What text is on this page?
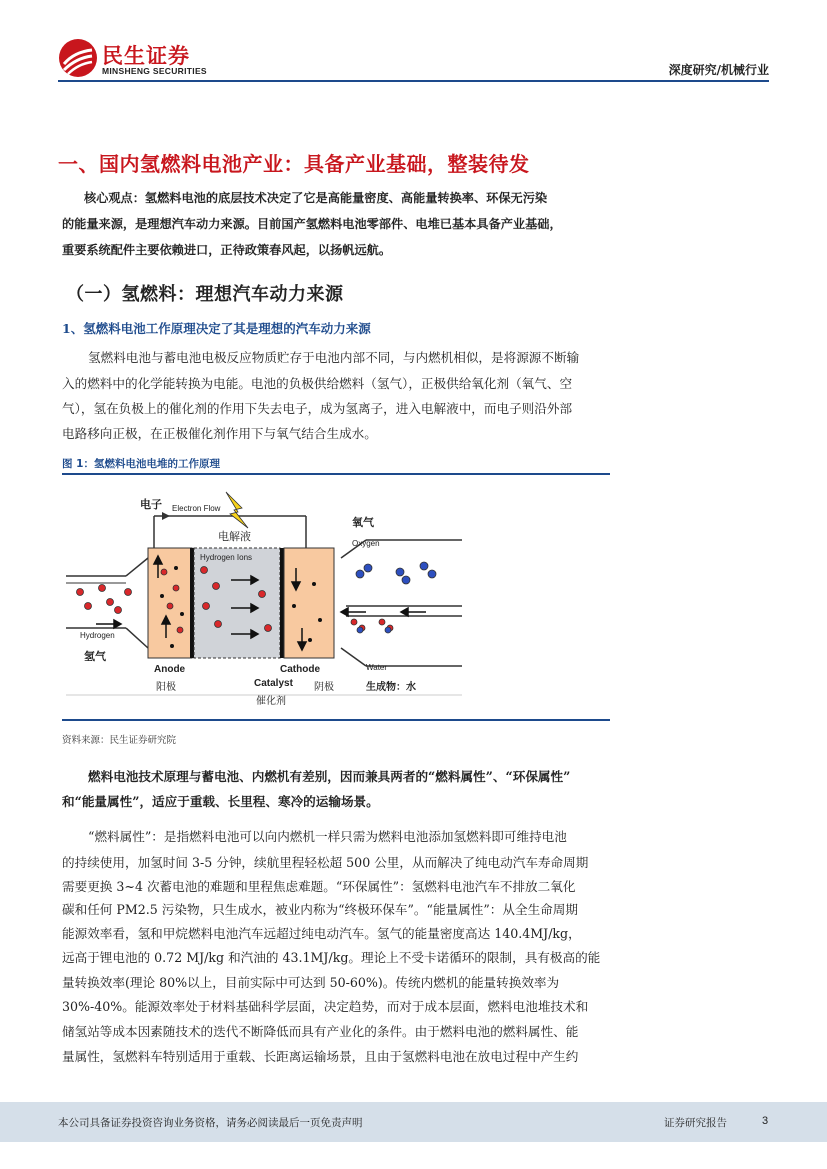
民生证券
MINSHENG SECURITIES	深度研究/机械行业
一、国内氢燃料电池产业：具备产业基础，整装待发
核心观点：氢燃料电池的底层技术决定了它是高能量密度、高能量转换率、环保无污染
的能量来源，是理想汽车动力来源。目前国产氢燃料电池零部件、电堆已基本具备产业基础，
重要系统配件主要依赖进口，正待政策春风起，以扬帆远航。
（一）氢燃料：理想汽车动力来源
1、氢燃料电池工作原理决定了其是理想的汽车动力来源
氢燃料电池与蓄电池电极反应物质贮存于电池内部不同，与内燃机相似，是将源源不断输
入的燃料中的化学能转换为电能。电池的负极供给燃料（氢气），正极供给氧化剂（氧气、空
气），氢在负极上的催化剂的作用下失去电子，成为氢离子，进入电解液中，而电子则沿外部
电路移向正极，在正极催化剂作用下与氧气结合生成水。
图 1：氢燃料电池电堆的工作原理
电子 Electron Flow
电解液
氧气
Oxygen
Hydrogen Ions
Hydrogen
氢气
Anode	Cathode
Catalyst
阳极	阴极
催化剂
Water
生成物：水
资料来源：民生证券研究院
燃料电池技术原理与蓄电池、内燃机有差别，因而兼具两者的“燃料属性”、“环保属性”
和“能量属性”，适应于重载、长里程、寒冷的运输场景。
“燃料属性”：是指燃料电池可以向内燃机一样只需为燃料电池添加氢燃料即可维持电池
的持续使用，加氢时间 3-5 分钟，续航里程轻松超 500 公里，从而解决了纯电动汽车寿命周期
需要更换 3~4 次蓄电池的难题和里程焦虑难题。“环保属性”：氢燃料电池汽车不排放二氧化
碳和任何 PM2.5 污染物，只生成水，被业内称为“终极环保车”。“能量属性”：从全生命周期
能源效率看，氢和甲烷燃料电池汽车远超过纯电动汽车。氢气的能量密度高达 140.4MJ/kg，
远高于锂电池的 0.72 MJ/kg 和汽油的 43.1MJ/kg。理论上不受卡诺循环的限制，具有极高的能
量转换效率(理论 80%以上，目前实际中可达到 50-60%)。传统内燃机的能量转换效率为
30%-40%。能源效率处于材料基础科学层面，决定趋势，而对于成本层面，燃料电池堆技术和
储氢站等成本因素随技术的迭代不断降低而具有产业化的条件。由于燃料电池的燃料属性、能
量属性，氢燃料车特别适用于重载、长距离运输场景，且由于氢燃料电池在放电过程中产生约
本公司具备证券投资咨询业务资格，请务必阅读最后一页免责声明	证券研究报告	3
